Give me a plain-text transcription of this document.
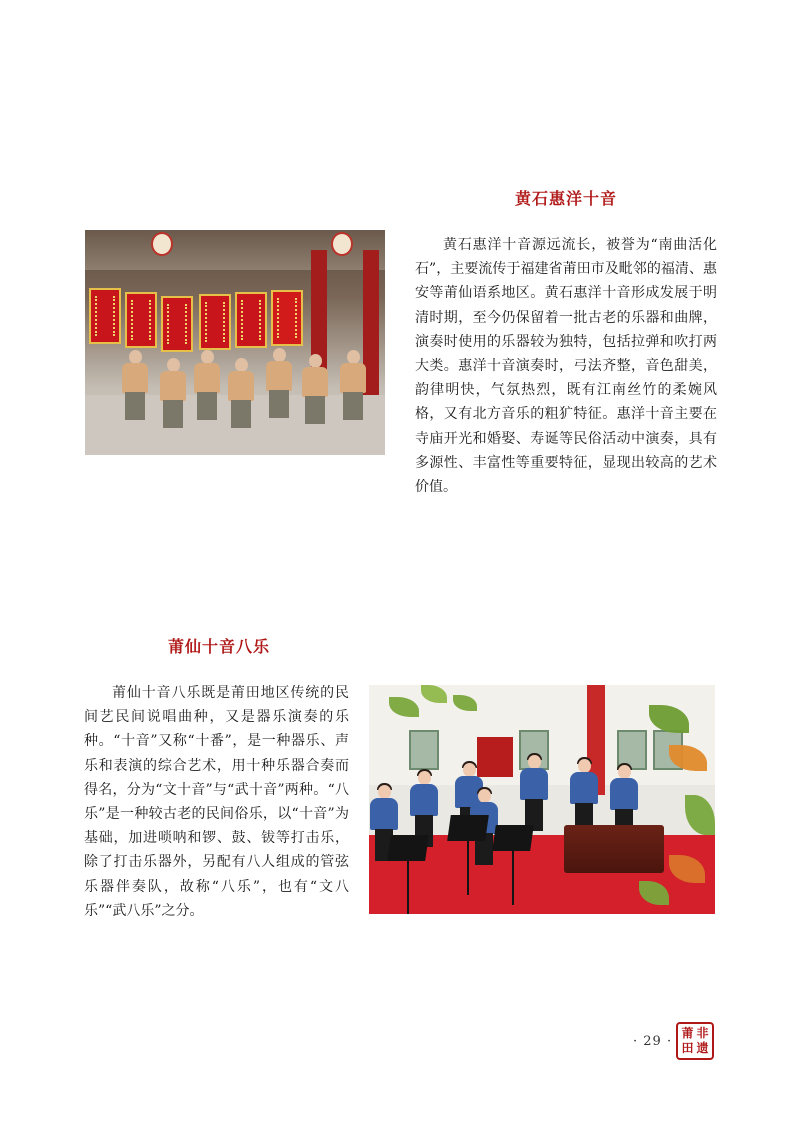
黄石惠洋十音
黄石惠洋十音源远流长，被誉为“南曲活化石”，主要流传于福建省莆田市及毗邻的福清、惠安等莆仙语系地区。黄石惠洋十音形成发展于明清时期，至今仍保留着一批古老的乐器和曲牌，演奏时使用的乐器较为独特，包括拉弹和吹打两大类。惠洋十音演奏时，弓法齐整，音色甜美，韵律明快，气氛热烈，既有江南丝竹的柔婉风格，又有北方音乐的粗犷特征。惠洋十音主要在寺庙开光和婚娶、寿诞等民俗活动中演奏，具有多源性、丰富性等重要特征，显现出较高的艺术价值。
莆仙十音八乐
莆仙十音八乐既是莆田地区传统的民间艺民间说唱曲种，又是器乐演奏的乐种。“十音”又称“十番”，是一种器乐、声乐和表演的综合艺术，用十种乐器合奏而得名，分为“文十音”与“武十音”两种。“八乐”是一种较古老的民间俗乐，以“十音”为基础，加进唢呐和锣、鼓、钹等打击乐，除了打击乐器外，另配有八人组成的管弦乐器伴奏队，故称“八乐”，也有“文八乐”“武八乐”之分。
· 29 ·
莆 非
田 遗
